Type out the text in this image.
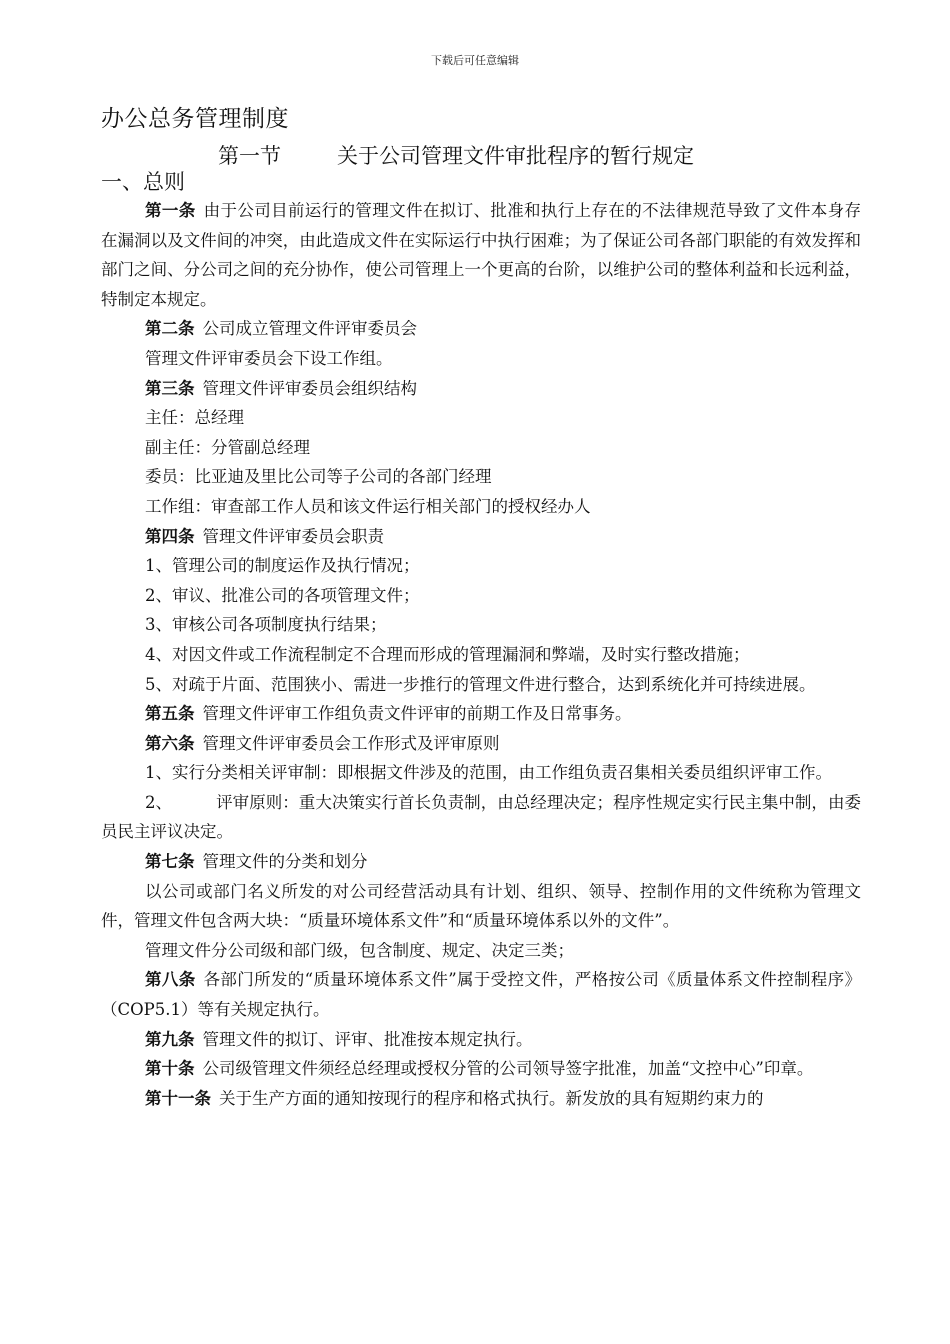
下载后可任意编辑
办公总务管理制度
第一节	关于公司管理文件审批程序的暂行规定
一、总则

第一条 由于公司目前运行的管理文件在拟订、批准和执行上存在的不法律规范导致了文件本身存在漏洞以及文件间的冲突，由此造成文件在实际运行中执行困难；为了保证公司各部门职能的有效发挥和部门之间、分公司之间的充分协作，使公司管理上一个更高的台阶，以维护公司的整体利益和长远利益，特制定本规定。

第二条 公司成立管理文件评审委员会

管理文件评审委员会下设工作组。

第三条 管理文件评审委员会组织结构

主任：总经理

副主任：分管副总经理

委员：比亚迪及里比公司等子公司的各部门经理

工作组：审查部工作人员和该文件运行相关部门的授权经办人

第四条 管理文件评审委员会职责

1、管理公司的制度运作及执行情况；

2、审议、批准公司的各项管理文件；

3、审核公司各项制度执行结果；

4、对因文件或工作流程制定不合理而形成的管理漏洞和弊端，及时实行整改措施；

5、对疏于片面、范围狭小、需进一步推行的管理文件进行整合，达到系统化并可持续进展。

第五条 管理文件评审工作组负责文件评审的前期工作及日常事务。

第六条 管理文件评审委员会工作形式及评审原则

1、实行分类相关评审制：即根据文件涉及的范围，由工作组负责召集相关委员组织评审工作。

2、	评审原则：重大决策实行首长负责制，由总经理决定；程序性规定实行民主集中制，由委员民主评议决定。

第七条 管理文件的分类和划分

以公司或部门名义所发的对公司经营活动具有计划、组织、领导、控制作用的文件统称为管理文件，管理文件包含两大块：“质量环境体系文件”和“质量环境体系以外的文件”。

管理文件分公司级和部门级，包含制度、规定、决定三类；

第八条 各部门所发的“质量环境体系文件”属于受控文件，严格按公司《质量体系文件控制程序》（COP5.1）等有关规定执行。

第九条 管理文件的拟订、评审、批准按本规定执行。

第十条 公司级管理文件须经总经理或授权分管的公司领导签字批准，加盖“文控中心”印章。

第十一条 关于生产方面的通知按现行的程序和格式执行。新发放的具有短期约束力的
